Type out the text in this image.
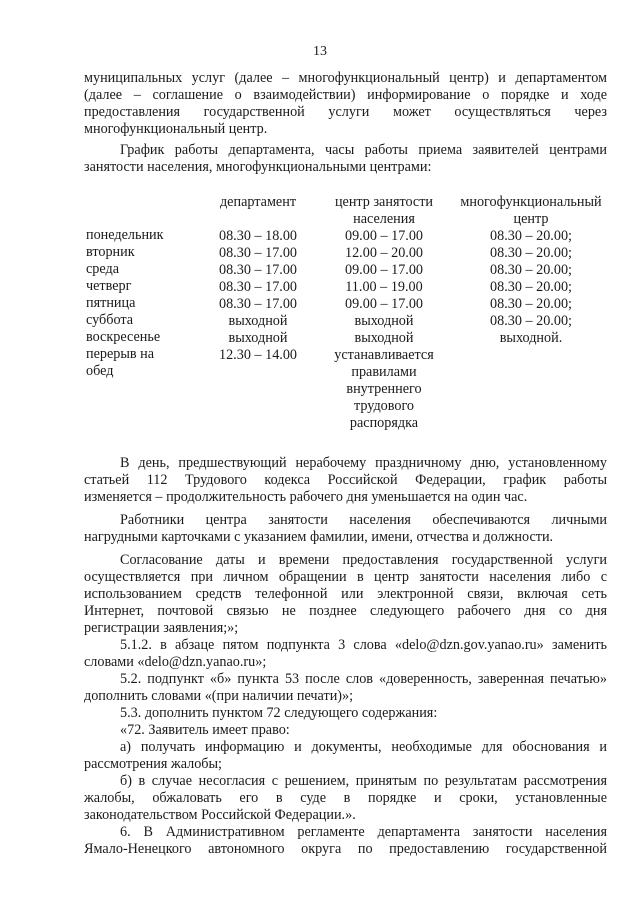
13
муниципальных услуг (далее – многофункциональный центр) и департаментом
(далее – соглашение о взаимодействии) информирование о порядке и ходе
предоставления государственной услуги может осуществляться через
многофункциональный центр.
График работы департамента, часы работы приема заявителей центрами
занятости населения, многофункциональными центрами:
понедельник
вторник
среда
четверг
пятница
суббота
воскресенье
перерыв на
обед
департамент
08.30 – 18.00
08.30 – 17.00
08.30 – 17.00
08.30 – 17.00
08.30 – 17.00
выходной
выходной
12.30 – 14.00
центр занятости населения
09.00 – 17.00
12.00 – 20.00
09.00 – 17.00
11.00 – 19.00
09.00 – 17.00
выходной
выходной
устанавливается
правилами
внутреннего
трудового
распорядка
многофункциональный центр
08.30 – 20.00;
08.30 – 20.00;
08.30 – 20.00;
08.30 – 20.00;
08.30 – 20.00;
08.30 – 20.00;
выходной.
В день, предшествующий нерабочему праздничному дню, установленному
статьей 112 Трудового кодекса Российской Федерации, график работы
изменяется – продолжительность рабочего дня уменьшается на один час.
Работники центра занятости населения обеспечиваются личными
нагрудными карточками с указанием фамилии, имени, отчества и должности.
Согласование даты и времени предоставления государственной услуги
осуществляется при личном обращении в центр занятости населения либо с
использованием средств телефонной или электронной связи, включая сеть
Интернет, почтовой связью не позднее следующего рабочего дня со дня
регистрации заявления;»;
5.1.2. в абзаце пятом подпункта 3 слова «delo@dzn.gov.yanao.ru» заменить
словами «delo@dzn.yanao.ru»;
5.2. подпункт «б» пункта 53 после слов «доверенность, заверенная печатью»
дополнить словами «(при наличии печати)»;
5.3. дополнить пунктом 72 следующего содержания:
«72. Заявитель имеет право:
а) получать информацию и документы, необходимые для обоснования и
рассмотрения жалобы;
б) в случае несогласия с решением, принятым по результатам рассмотрения
жалобы, обжаловать его в суде в порядке и сроки, установленные
законодательством Российской Федерации.».
6. В Административном регламенте департамента занятости населения
Ямало-Ненецкого автономного округа по предоставлению государственной
